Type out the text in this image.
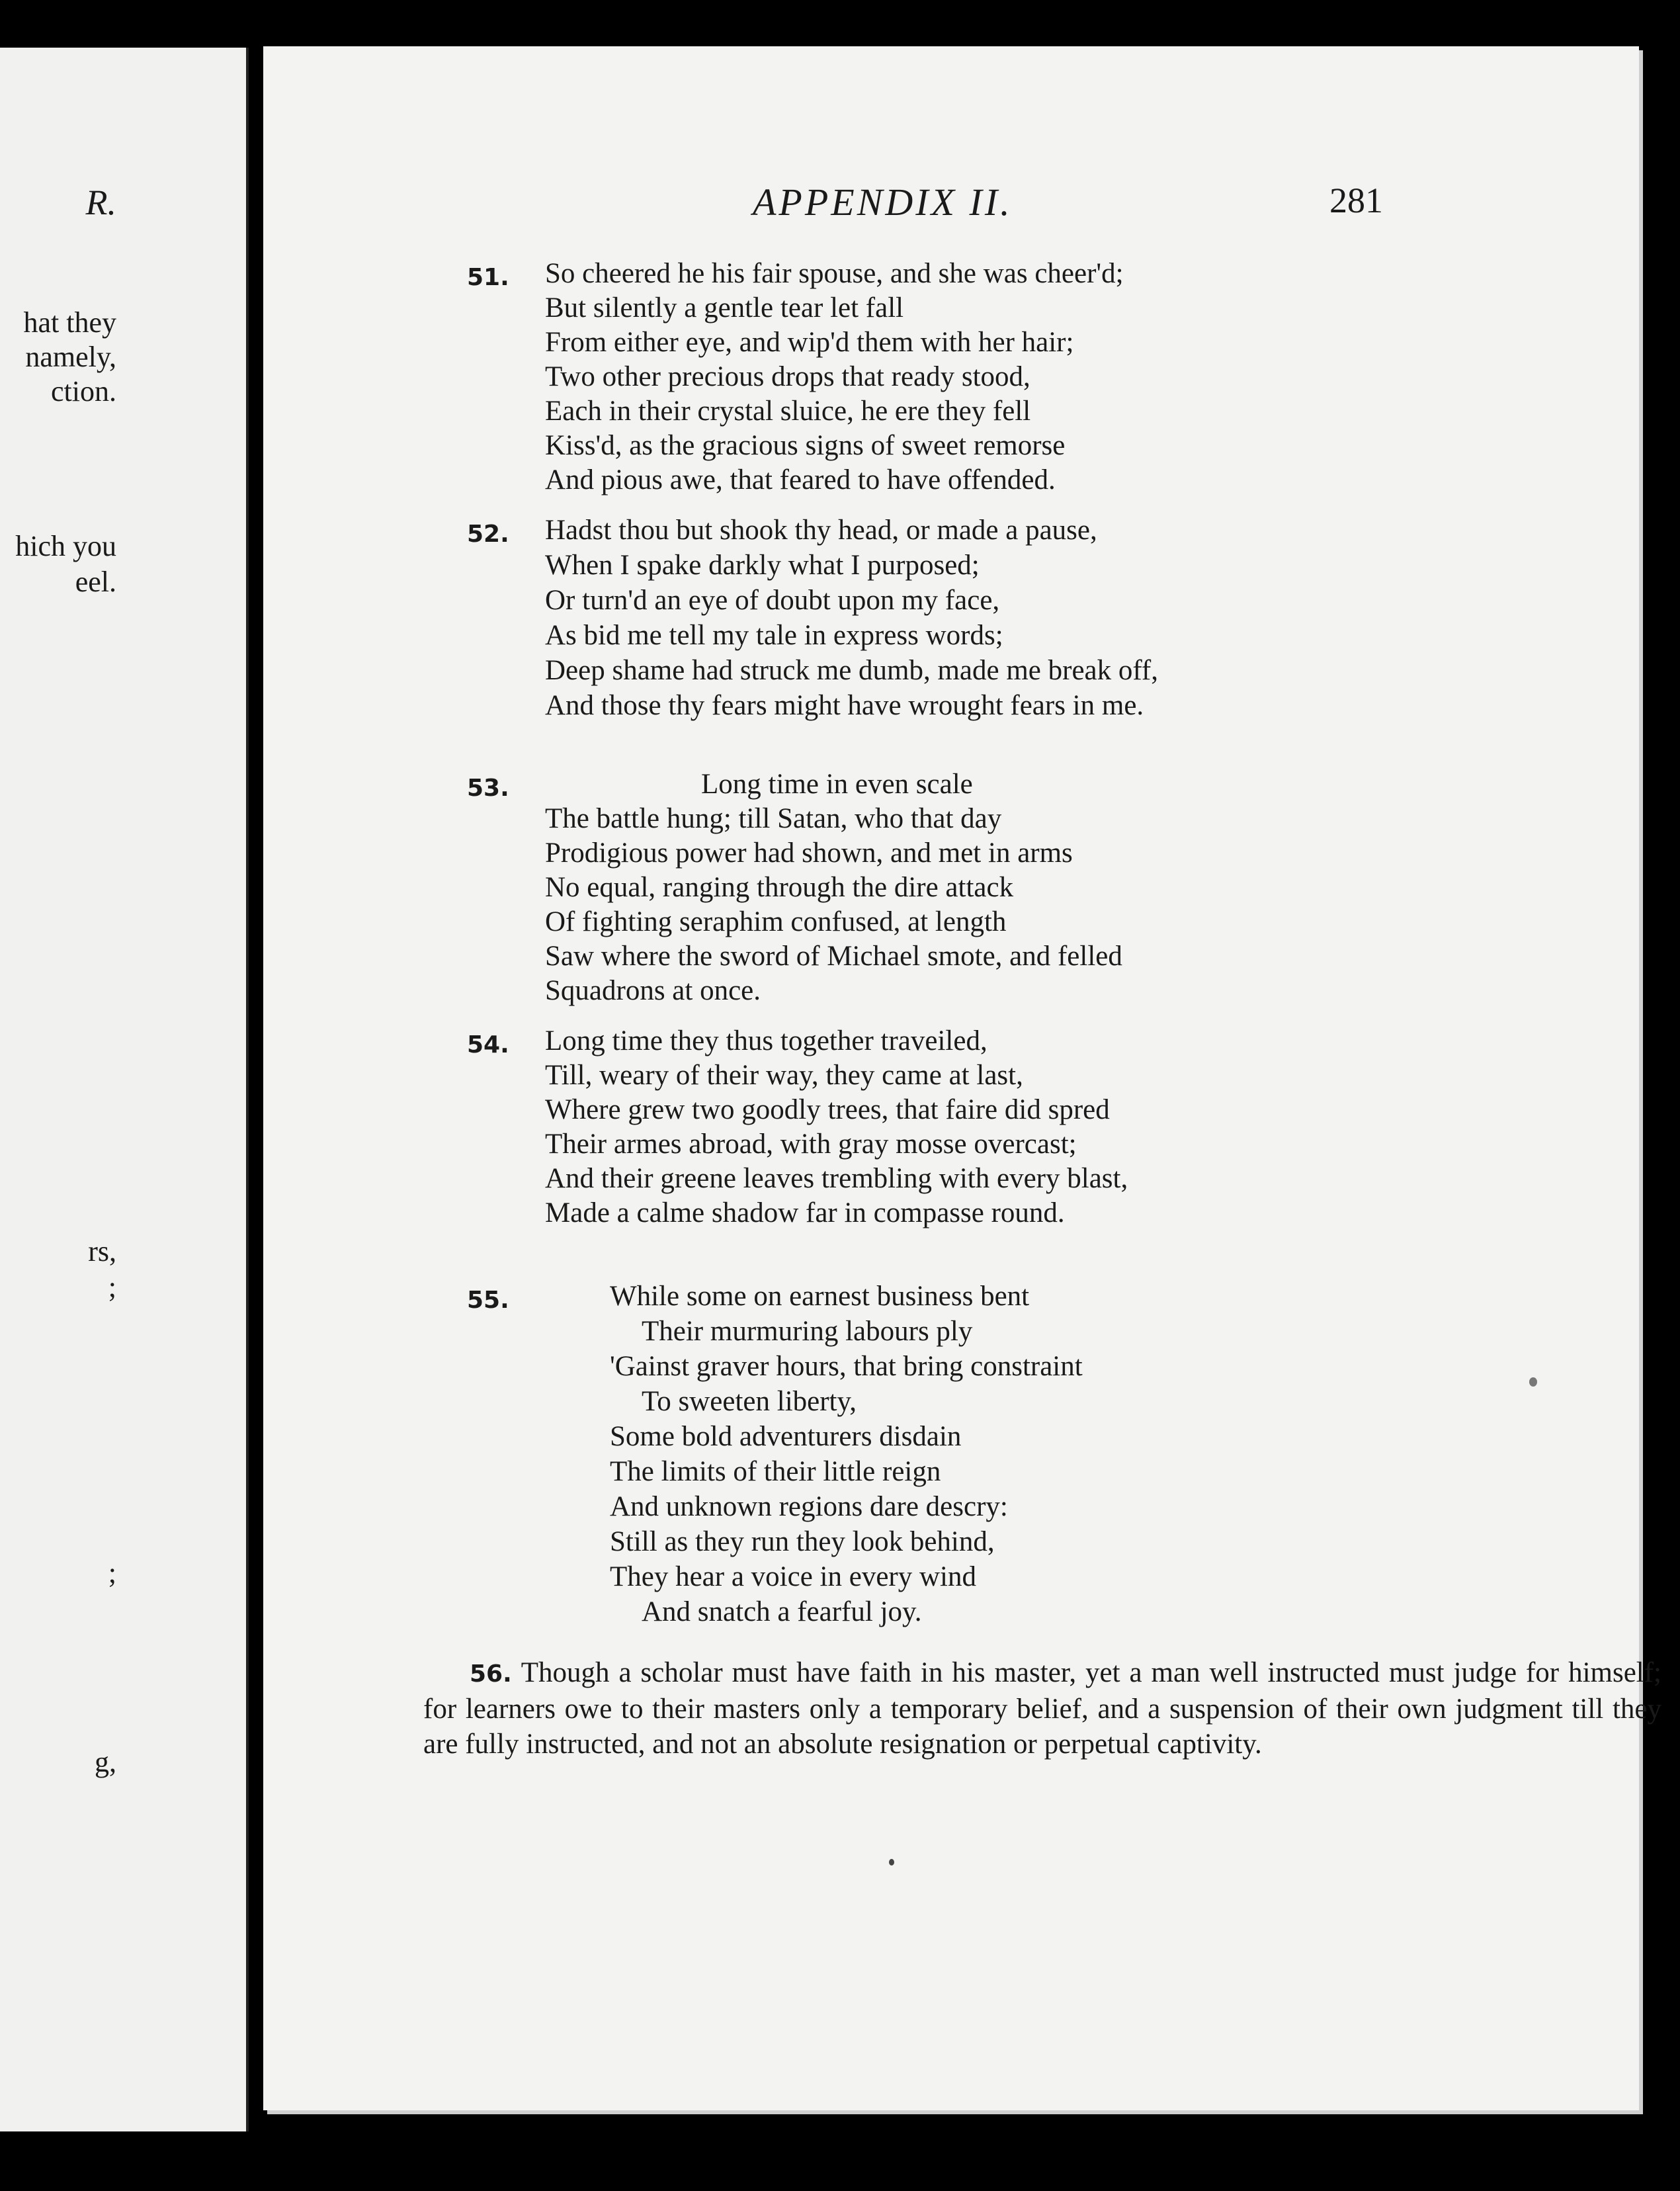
R.
hat they
namely,
ction.
hich you
eel.
rs,
;
;
g,
APPENDIX II.	281
51. So cheered he his fair spouse, and she was cheer'd;
But silently a gentle tear let fall
From either eye, and wip'd them with her hair;
Two other precious drops that ready stood,
Each in their crystal sluice, he ere they fell
Kiss'd, as the gracious signs of sweet remorse
And pious awe, that feared to have offended.
52. Hadst thou but shook thy head, or made a pause,
When I spake darkly what I purposed;
Or turn'd an eye of doubt upon my face,
As bid me tell my tale in express words;
Deep shame had struck me dumb, made me break off,
And those thy fears might have wrought fears in me.
53.	Long time in even scale
The battle hung; till Satan, who that day
Prodigious power had shown, and met in arms
No equal, ranging through the dire attack
Of fighting seraphim confused, at length
Saw where the sword of Michael smote, and felled
Squadrons at once.
54. Long time they thus together traveiled,
Till, weary of their way, they came at last,
Where grew two goodly trees, that faire did spred
Their armes abroad, with gray mosse overcast;
And their greene leaves trembling with every blast,
Made a calme shadow far in compasse round.
55.	While some on earnest business bent
Their murmuring labours ply
'Gainst graver hours, that bring constraint
To sweeten liberty,
Some bold adventurers disdain
The limits of their little reign
And unknown regions dare descry:
Still as they run they look behind,
They hear a voice in every wind
And snatch a fearful joy.
56. Though a scholar must have faith in his master, yet a man well instructed must judge for himself; for learners owe to their masters only a temporary belief, and a suspension of their own judgment till they are fully instructed, and not an absolute resignation or perpetual captivity.
